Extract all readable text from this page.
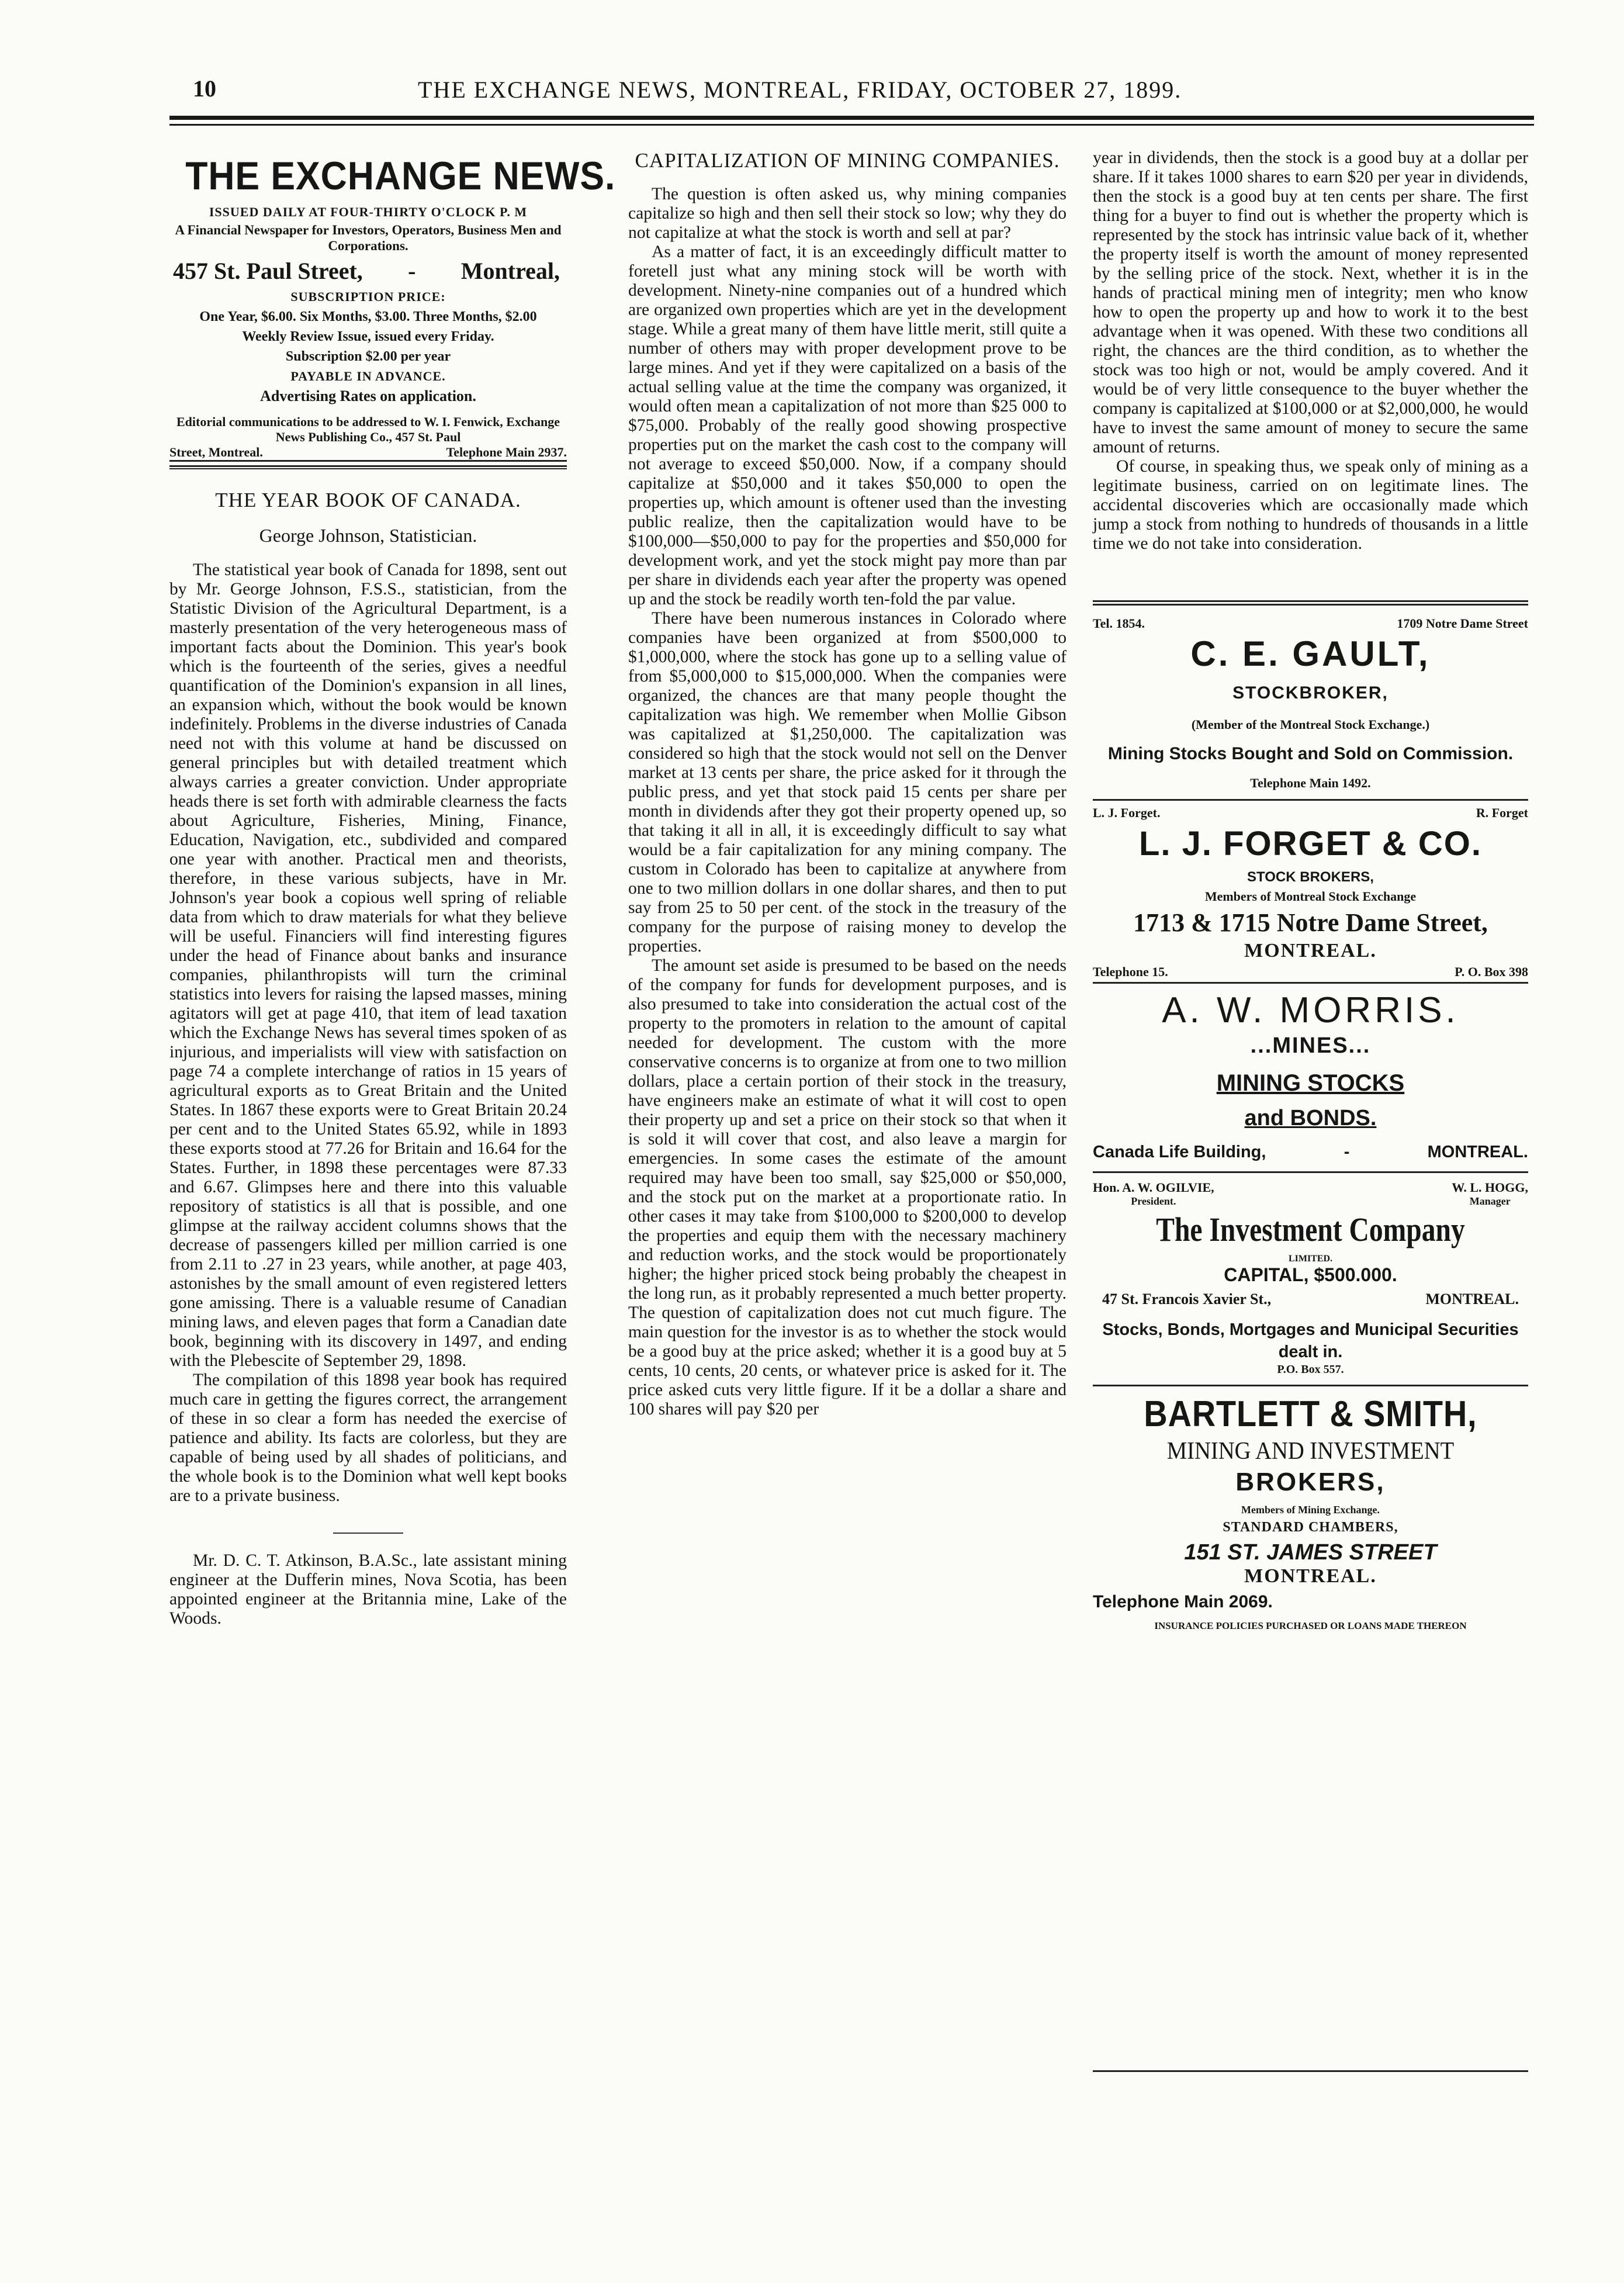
10	THE EXCHANGE NEWS, MONTREAL, FRIDAY, OCTOBER 27, 1899.
THE EXCHANGE NEWS.
ISSUED DAILY AT FOUR-THIRTY O'CLOCK P. M
A Financial Newspaper for Investors, Operators, Business Men and Corporations.
457 St. Paul Street, - Montreal,
SUBSCRIPTION PRICE:
One Year, $6.00. Six Months, $3.00. Three Months, $2.00
Weekly Review Issue, issued every Friday.
Subscription $2.00 per year
PAYABLE IN ADVANCE.
Advertising Rates on application.
Editorial communications to be addressed to W. I. Fenwick, Exchange News Publishing Co., 457 St. Paul
Street, Montreal.	Telephone Main 2937.
THE YEAR BOOK OF CANADA.
George Johnson, Statistician.

The statistical year book of Canada for 1898, sent out by Mr. George Johnson, F.S.S., statistician, from the Statistic Division of the Agricultural Department, is a masterly presentation of the very heterogeneous mass of important facts about the Dominion. This year's book which is the fourteenth of the series, gives a needful quantification of the Dominion's expansion in all lines, an expansion which, without the book would be known indefinitely. Problems in the diverse industries of Canada need not with this volume at hand be discussed on general principles but with detailed treatment which always carries a greater conviction. Under appropriate heads there is set forth with admirable clearness the facts about Agriculture, Fisheries, Mining, Finance, Education, Navigation, etc., subdivided and compared one year with another. Practical men and theorists, therefore, in these various subjects, have in Mr. Johnson's year book a copious well spring of reliable data from which to draw materials for what they believe will be useful. Financiers will find interesting figures under the head of Finance about banks and insurance companies, philanthropists will turn the criminal statistics into levers for raising the lapsed masses, mining agitators will get at page 410, that item of lead taxation which the Exchange News has several times spoken of as injurious, and imperialists will view with satisfaction on page 74 a complete interchange of ratios in 15 years of agricultural exports as to Great Britain and the United States. In 1867 these exports were to Great Britain 20.24 per cent and to the United States 65.92, while in 1893 these exports stood at 77.26 for Britain and 16.64 for the States. Further, in 1898 these percentages were 87.33 and 6.67. Glimpses here and there into this valuable repository of statistics is all that is possible, and one glimpse at the railway accident columns shows that the decrease of passengers killed per million carried is one from 2.11 to .27 in 23 years, while another, at page 403, astonishes by the small amount of even registered letters gone amissing. There is a valuable resume of Canadian mining laws, and eleven pages that form a Canadian date book, beginning with its discovery in 1497, and ending with the Plebescite of September 29, 1898.

The compilation of this 1898 year book has required much care in getting the figures correct, the arrangement of these in so clear a form has needed the exercise of patience and ability. Its facts are colorless, but they are capable of being used by all shades of politicians, and the whole book is to the Dominion what well kept books are to a private business.

Mr. D. C. T. Atkinson, B.A.Sc., late assistant mining engineer at the Dufferin mines, Nova Scotia, has been appointed engineer at the Britannia mine, Lake of the Woods.

CAPITALIZATION OF MINING COMPANIES.

The question is often asked us, why mining companies capitalize so high and then sell their stock so low; why they do not capitalize at what the stock is worth and sell at par?

As a matter of fact, it is an exceedingly difficult matter to foretell just what any mining stock will be worth with development. Ninety-nine companies out of a hundred which are organized own properties which are yet in the development stage. While a great many of them have little merit, still quite a number of others may with proper development prove to be large mines. And yet if they were capitalized on a basis of the actual selling value at the time the company was organized, it would often mean a capitalization of not more than $25 000 to $75,000. Probably of the really good showing prospective properties put on the market the cash cost to the company will not average to exceed $50,000. Now, if a company should capitalize at $50,000 and it takes $50,000 to open the properties up, which amount is oftener used than the investing public realize, then the capitalization would have to be $100,000—$50,000 to pay for the properties and $50,000 for development work, and yet the stock might pay more than par per share in dividends each year after the property was opened up and the stock be readily worth ten-fold the par value.

There have been numerous instances in Colorado where companies have been organized at from $500,000 to $1,000,000, where the stock has gone up to a selling value of from $5,000,000 to $15,000,000. When the companies were organized, the chances are that many people thought the capitalization was high. We remember when Mollie Gibson was capitalized at $1,250,000. The capitalization was considered so high that the stock would not sell on the Denver market at 13 cents per share, the price asked for it through the public press, and yet that stock paid 15 cents per share per month in dividends after they got their property opened up, so that taking it all in all, it is exceedingly difficult to say what would be a fair capitalization for any mining company. The custom in Colorado has been to capitalize at anywhere from one to two million dollars in one dollar shares, and then to put say from 25 to 50 per cent. of the stock in the treasury of the company for the purpose of raising money to develop the properties.

The amount set aside is presumed to be based on the needs of the company for funds for development purposes, and is also presumed to take into consideration the actual cost of the property to the promoters in relation to the amount of capital needed for development. The custom with the more conservative concerns is to organize at from one to two million dollars, place a certain portion of their stock in the treasury, have engineers make an estimate of what it will cost to open their property up and set a price on their stock so that when it is sold it will cover that cost, and also leave a margin for emergencies. In some cases the estimate of the amount required may have been too small, say $25,000 or $50,000, and the stock put on the market at a proportionate ratio. In other cases it may take from $100,000 to $200,000 to develop the properties and equip them with the necessary machinery and reduction works, and the stock would be proportionately higher; the higher priced stock being probably the cheapest in the long run, as it probably represented a much better property. The question of capitalization does not cut much figure. The main question for the investor is as to whether the stock would be a good buy at the price asked; whether it is a good buy at 5 cents, 10 cents, 20 cents, or whatever price is asked for it. The price asked cuts very little figure. If it be a dollar a share and 100 shares will pay $20 per

year in dividends, then the stock is a good buy at a dollar per share. If it takes 1000 shares to earn $20 per year in dividends, then the stock is a good buy at ten cents per share. The first thing for a buyer to find out is whether the property which is represented by the stock has intrinsic value back of it, whether the property itself is worth the amount of money represented by the selling price of the stock. Next, whether it is in the hands of practical mining men of integrity; men who know how to open the property up and how to work it to the best advantage when it was opened. With these two conditions all right, the chances are the third condition, as to whether the stock was too high or not, would be amply covered. And it would be of very little consequence to the buyer whether the company is capitalized at $100,000 or at $2,000,000, he would have to invest the same amount of money to secure the same amount of returns.

Of course, in speaking thus, we speak only of mining as a legitimate business, carried on on legitimate lines. The accidental discoveries which are occasionally made which jump a stock from nothing to hundreds of thousands in a little time we do not take into consideration.

Tel. 1854.	1709 Notre Dame Street
C. E. GAULT,
STOCKBROKER,
(Member of the Montreal Stock Exchange.)
Mining Stocks Bought and Sold on Commission.
Telephone Main 1492.
L. J. Forget.	R. Forget
L. J. FORGET & CO.
STOCK BROKERS,
Members of Montreal Stock Exchange
1713 & 1715 Notre Dame Street,
MONTREAL.
Telephone 15.	P. O. Box 398
A. W. MORRIS.
...MINES...
MINING STOCKS
and BONDS.
Canada Life Building,	-	MONTREAL.
Hon. A. W. OGILVIE,
President.
W. L. HOGG,
Manager
The Investment Company
LIMITED.
CAPITAL, $500.000.
47 St. Francois Xavier St.,	MONTREAL.
Stocks, Bonds, Mortgages and Municipal Securities dealt in.
P.O. Box 557.
BARTLETT & SMITH,
MINING AND INVESTMENT
BROKERS,
Members of Mining Exchange.
STANDARD CHAMBERS,
151 ST. JAMES STREET
MONTREAL.
Telephone Main 2069.
INSURANCE POLICIES PURCHASED OR LOANS MADE THEREON
